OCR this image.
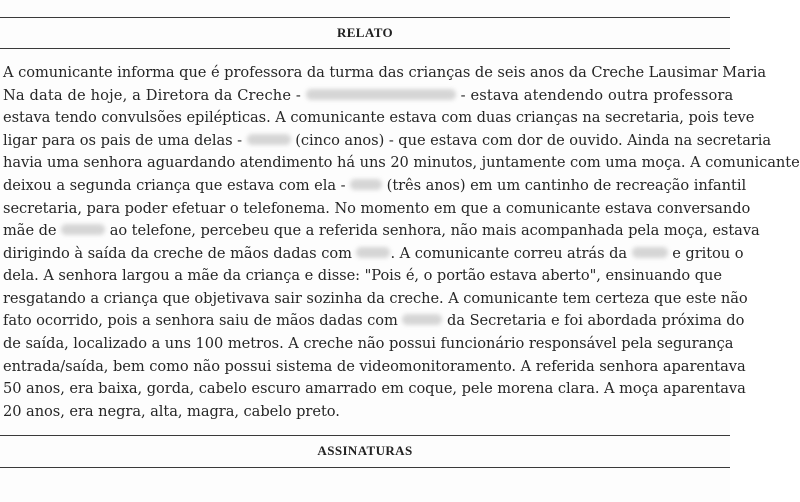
RELATO
A comunicante informa que é professora da turma das crianças de seis anos da Creche Lausimar Maria
Na data de hoje, a Diretora da Creche -	- estava atendendo outra professora
estava tendo convulsões epilépticas. A comunicante estava com duas crianças na secretaria, pois teve
ligar para os pais de uma delas -	(cinco anos) - que estava com dor de ouvido. Ainda na secretaria
havia uma senhora aguardando atendimento há uns 20 minutos, juntamente com uma moça. A comunicante
deixou a segunda criança que estava com ela -	(três anos) em um cantinho de recreação infantil
secretaria, para poder efetuar o telefonema. No momento em que a comunicante estava conversando
mãe de	ao telefone, percebeu que a referida senhora, não mais acompanhada pela moça, estava
dirigindo à saída da creche de mãos dadas com	. A comunicante correu atrás da	e gritou o
dela. A senhora largou a mãe da criança e disse: "Pois é, o portão estava aberto", ensinuando que
resgatando a criança que objetivava sair sozinha da creche. A comunicante tem certeza que este não
fato ocorrido, pois a senhora saiu de mãos dadas com	da Secretaria e foi abordada próxima do
de saída, localizado a uns 100 metros. A creche não possui funcionário responsável pela segurança
entrada/saída, bem como não possui sistema de videomonitoramento. A referida senhora aparentava
50 anos, era baixa, gorda, cabelo escuro amarrado em coque, pele morena clara. A moça aparentava
20 anos, era negra, alta, magra, cabelo preto.
ASSINATURAS
